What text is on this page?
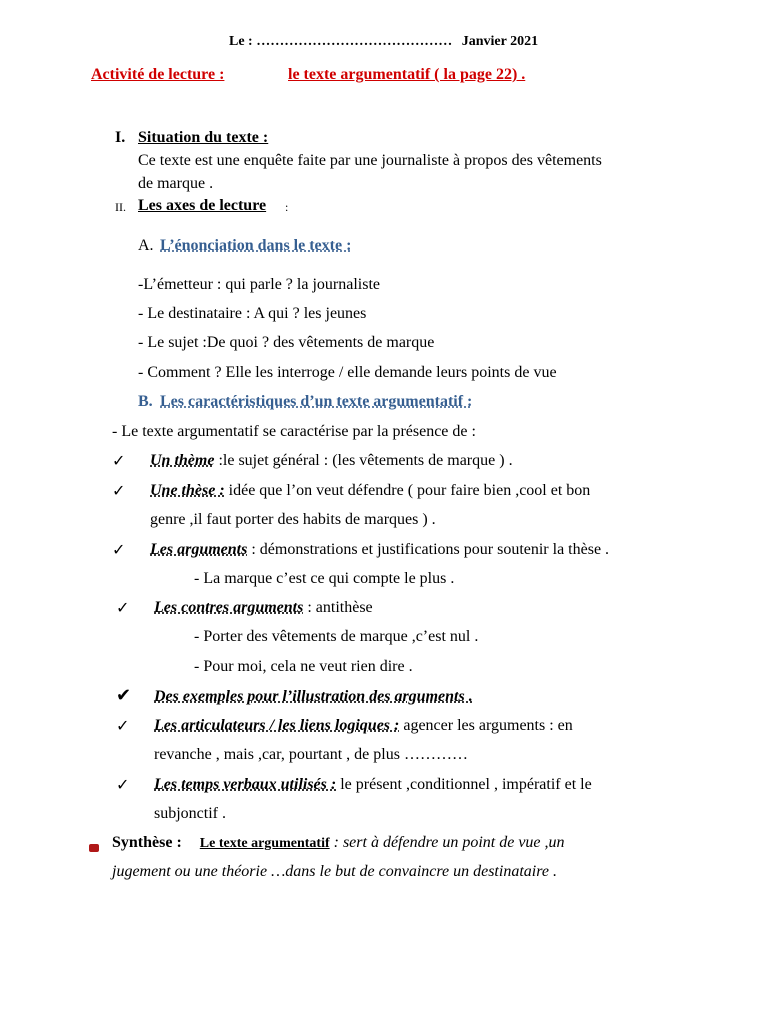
Le : …………………………………… Janvier 2021
Activité de lecture :	le texte argumentatif ( la page 22) .
I. Situation du texte :
Ce texte est une enquête faite par une journaliste à propos des vêtements
de marque .
II. Les axes de lecture :
A. L’énonciation dans le texte :
-L’émetteur : qui parle ? la journaliste
- Le destinataire : A qui ? les jeunes
- Le sujet :De quoi ? des vêtements de marque
- Comment ? Elle les interroge / elle demande leurs points de vue
B. Les caractéristiques d’un texte argumentatif :
- Le texte argumentatif se caractérise par la présence de :
✓ Un thème :le sujet général : (les vêtements de marque ) .
✓ Une thèse : idée que l’on veut défendre ( pour faire bien ,cool et bon
genre ,il faut porter des habits de marques ) .
✓ Les arguments : démonstrations et justifications pour soutenir la thèse .
- La marque c’est ce qui compte le plus .
✓ Les contres arguments : antithèse
- Porter des vêtements de marque ,c’est nul .
- Pour moi, cela ne veut rien dire .
✔ Des exemples pour l’illustration des arguments .
✓ Les articulateurs / les liens logiques : agencer les arguments : en
revanche , mais ,car, pourtant , de plus …………
✓ Les temps verbaux utilisés : le présent ,conditionnel , impératif et le
subjonctif .
Synthèse : Le texte argumentatif : sert à défendre un point de vue ,un
jugement ou une théorie …dans le but de convaincre un destinataire .
